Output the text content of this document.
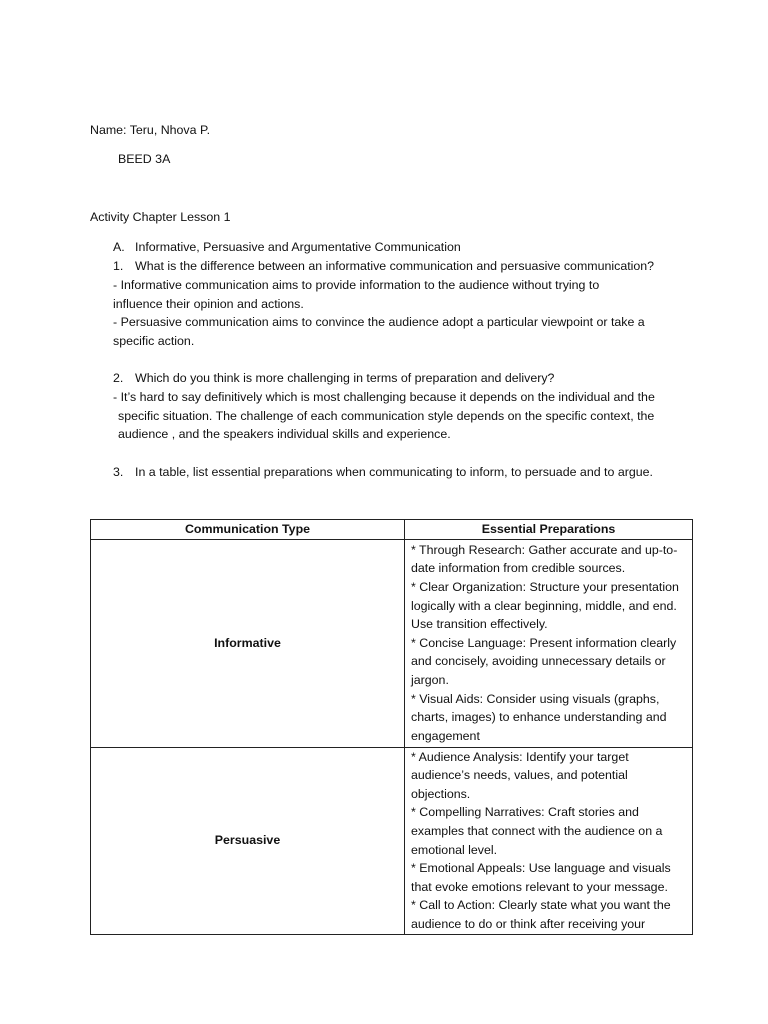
Name: Teru, Nhova P.
BEED 3A
Activity Chapter Lesson 1
A. Informative, Persuasive and Argumentative Communication
1. What is the difference between an informative communication and persuasive communication?
- Informative communication aims to provide information to the audience without trying to influence their opinion and actions.
- Persuasive communication aims to convince the audience adopt a particular viewpoint or take a specific action.
2. Which do you think is more challenging in terms of preparation and delivery?
- It’s hard to say definitively which is most challenging because it depends on the individual and the specific situation. The challenge of each communication style depends on the specific context, the audience , and the speakers individual skills and experience.
3. In a table, list essential preparations when communicating to inform, to persuade and to argue.
Communication Type	Essential Preparations
Informative	* Through Research: Gather accurate and up-to-date information from credible sources.
* Clear Organization: Structure your presentation logically with a clear beginning, middle, and end. Use transition effectively.
* Concise Language: Present information clearly and concisely, avoiding unnecessary details or jargon.
* Visual Aids: Consider using visuals (graphs, charts, images) to enhance understanding and engagement

Persuasive	* Audience Analysis: Identify your target audience’s needs, values, and potential objections.
* Compelling Narratives: Craft stories and examples that connect with the audience on a emotional level.
* Emotional Appeals: Use language and visuals that evoke emotions relevant to your message.
* Call to Action: Clearly state what you want the audience to do or think after receiving your
